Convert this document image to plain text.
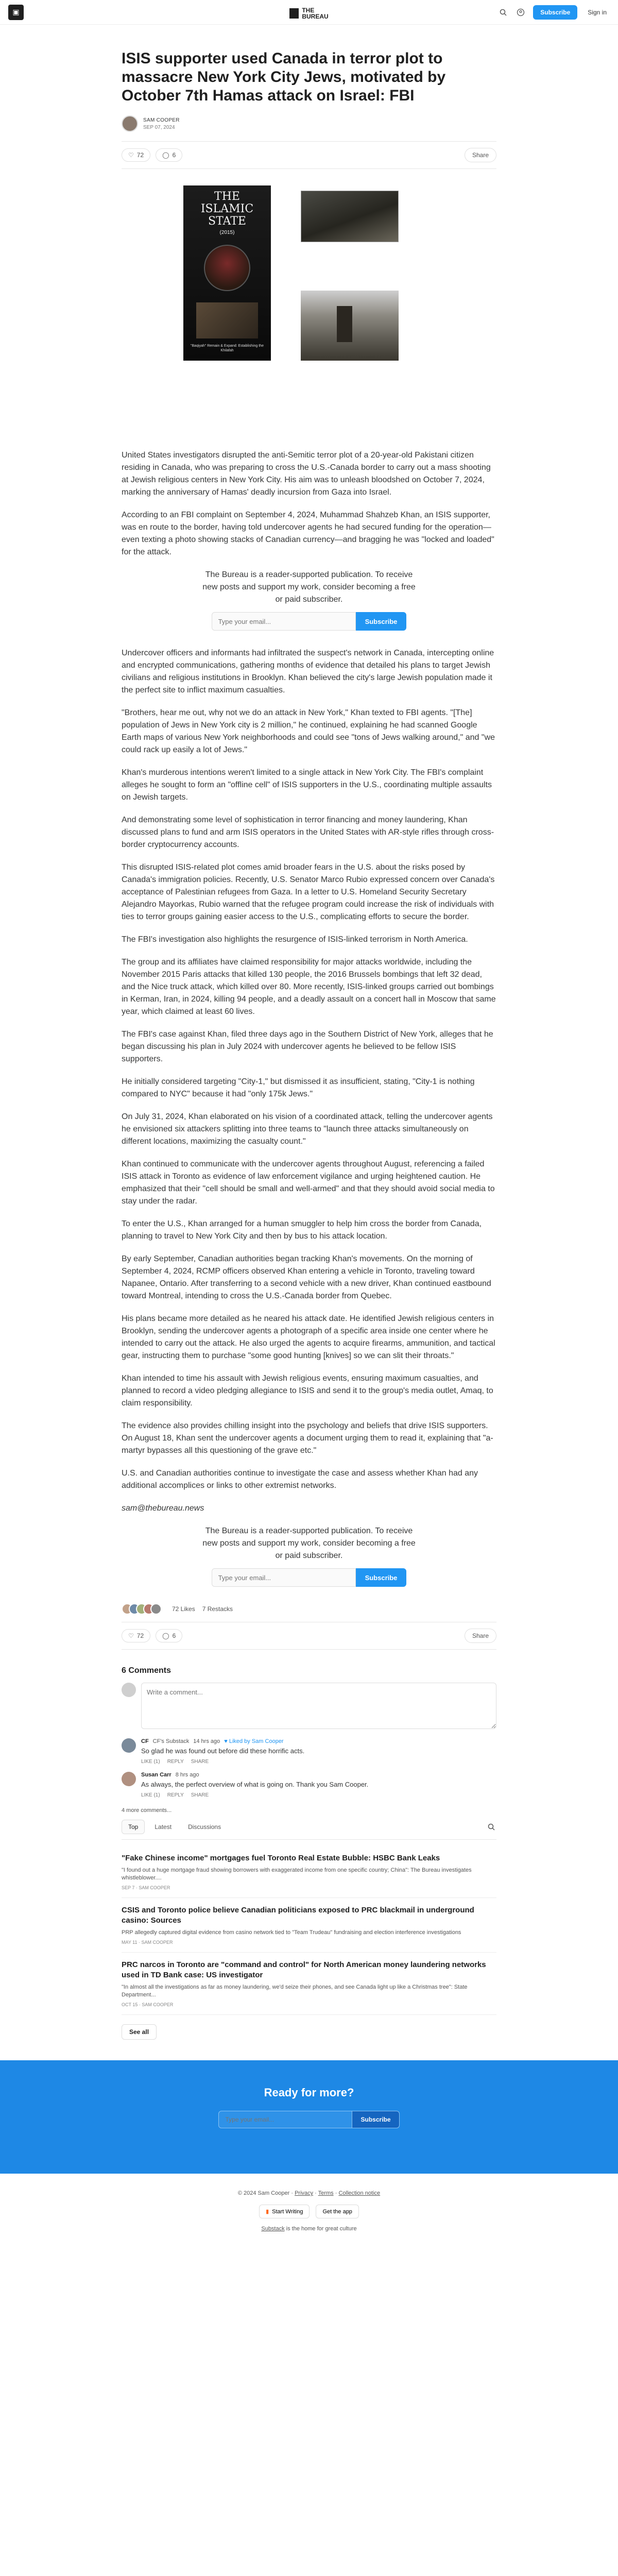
▣	THE
BUREAU
Subscribe	Sign in
ISIS supporter used Canada in terror plot to massacre New York City Jews, motivated by October 7th Hamas attack on Israel: FBI
SAM COOPER
SEP 07, 2024
♡ 72	◯ 6	Share
THE ISLAMIC STATE
(2015)
"Baqiyah" Remain & Expand: Establishing the Khilafah

United States investigators disrupted the anti-Semitic terror plot of a 20-year-old Pakistani citizen residing in Canada, who was preparing to cross the U.S.-Canada border to carry out a mass shooting at Jewish religious centers in New York City. His aim was to unleash bloodshed on October 7, 2024, marking the anniversary of Hamas' deadly incursion from Gaza into Israel.

According to an FBI complaint on September 4, 2024, Muhammad Shahzeb Khan, an ISIS supporter, was en route to the border, having told undercover agents he had secured funding for the operation—even texting a photo showing stacks of Canadian currency—and bragging he was "locked and loaded" for the attack.

The Bureau is a reader-supported publication. To receive new posts and support my work, consider becoming a free or paid subscriber.

Type your email...
Subscribe

Undercover officers and informants had infiltrated the suspect's network in Canada, intercepting online and encrypted communications, gathering months of evidence that detailed his plans to target Jewish civilians and religious institutions in Brooklyn. Khan believed the city's large Jewish population made it the perfect site to inflict maximum casualties.

"Brothers, hear me out, why not we do an attack in New York," Khan texted to FBI agents. "[The] population of Jews in New York city is 2 million," he continued, explaining he had scanned Google Earth maps of various New York neighborhoods and could see "tons of Jews walking around," and "we could rack up easily a lot of Jews."

Khan's murderous intentions weren't limited to a single attack in New York City. The FBI's complaint alleges he sought to form an "offline cell" of ISIS supporters in the U.S., coordinating multiple assaults on Jewish targets.

And demonstrating some level of sophistication in terror financing and money laundering, Khan discussed plans to fund and arm ISIS operators in the United States with AR-style rifles through cross-border cryptocurrency accounts.

This disrupted ISIS-related plot comes amid broader fears in the U.S. about the risks posed by Canada's immigration policies. Recently, U.S. Senator Marco Rubio expressed concern over Canada's acceptance of Palestinian refugees from Gaza. In a letter to U.S. Homeland Security Secretary Alejandro Mayorkas, Rubio warned that the refugee program could increase the risk of individuals with ties to terror groups gaining easier access to the U.S., complicating efforts to secure the border.

The FBI's investigation also highlights the resurgence of ISIS-linked terrorism in North America.

The group and its affiliates have claimed responsibility for major attacks worldwide, including the November 2015 Paris attacks that killed 130 people, the 2016 Brussels bombings that left 32 dead, and the Nice truck attack, which killed over 80. More recently, ISIS-linked groups carried out bombings in Kerman, Iran, in 2024, killing 94 people, and a deadly assault on a concert hall in Moscow that same year, which claimed at least 60 lives.

The FBI's case against Khan, filed three days ago in the Southern District of New York, alleges that he began discussing his plan in July 2024 with undercover agents he believed to be fellow ISIS supporters.

He initially considered targeting "City-1," but dismissed it as insufficient, stating, "City-1 is nothing compared to NYC" because it had "only 175k Jews."

On July 31, 2024, Khan elaborated on his vision of a coordinated attack, telling the undercover agents he envisioned six attackers splitting into three teams to "launch three attacks simultaneously on different locations, maximizing the casualty count."

Khan continued to communicate with the undercover agents throughout August, referencing a failed ISIS attack in Toronto as evidence of law enforcement vigilance and urging heightened caution. He emphasized that their "cell should be small and well-armed" and that they should avoid social media to stay under the radar.

To enter the U.S., Khan arranged for a human smuggler to help him cross the border from Canada, planning to travel to New York City and then by bus to his attack location.

By early September, Canadian authorities began tracking Khan's movements. On the morning of September 4, 2024, RCMP officers observed Khan entering a vehicle in Toronto, traveling toward Napanee, Ontario. After transferring to a second vehicle with a new driver, Khan continued eastbound toward Montreal, intending to cross the U.S.-Canada border from Quebec.

His plans became more detailed as he neared his attack date. He identified Jewish religious centers in Brooklyn, sending the undercover agents a photograph of a specific area inside one center where he intended to carry out the attack. He also urged the agents to acquire firearms, ammunition, and tactical gear, instructing them to purchase "some good hunting [knives] so we can slit their throats."

Khan intended to time his assault with Jewish religious events, ensuring maximum casualties, and planned to record a video pledging allegiance to ISIS and send it to the group's media outlet, Amaq, to claim responsibility.

The evidence also provides chilling insight into the psychology and beliefs that drive ISIS supporters. On August 18, Khan sent the undercover agents a document urging them to read it, explaining that "a-martyr bypasses all this questioning of the grave etc."

U.S. and Canadian authorities continue to investigate the case and assess whether Khan had any additional accomplices or links to other extremist networks.

sam@thebureau.news

The Bureau is a reader-supported publication. To receive new posts and support my work, consider becoming a free or paid subscriber.

Type your email...
Subscribe
72 Likes 7 Restacks
♡ 72	◯ 6	Share
6 Comments
Write a comment...
CF CF's Substack 14 hrs ago ♥ Liked by Sam Cooper
So glad he was found out before did these horrific acts.
LIKE (1) REPLY SHARE
Susan Carr 8 hrs ago
As always, the perfect overview of what is going on. Thank you Sam Cooper.
LIKE (1) REPLY SHARE
4 more comments...
Top	Latest	Discussions
"Fake Chinese income" mortgages fuel Toronto Real Estate Bubble: HSBC Bank Leaks
"I found out a huge mortgage fraud showing borrowers with exaggerated income from one specific country; China": The Bureau investigates whistleblower....
SEP 7 · SAM COOPER
CSIS and Toronto police believe Canadian politicians exposed to PRC blackmail in underground casino: Sources
PRP allegedly captured digital evidence from casino network tied to "Team Trudeau" fundraising and election interference investigations
MAY 11 · SAM COOPER
PRC narcos in Toronto are "command and control" for North American money laundering networks used in TD Bank case: US investigator
"In almost all the investigations as far as money laundering, we'd seize their phones, and see Canada light up like a Christmas tree": State Department...
OCT 15 · SAM COOPER
See all
Ready for more?
Type your email...
Subscribe
© 2024 Sam Cooper · Privacy · Terms · Collection notice
▮ Start Writing	Get the app
Substack is the home for great culture
